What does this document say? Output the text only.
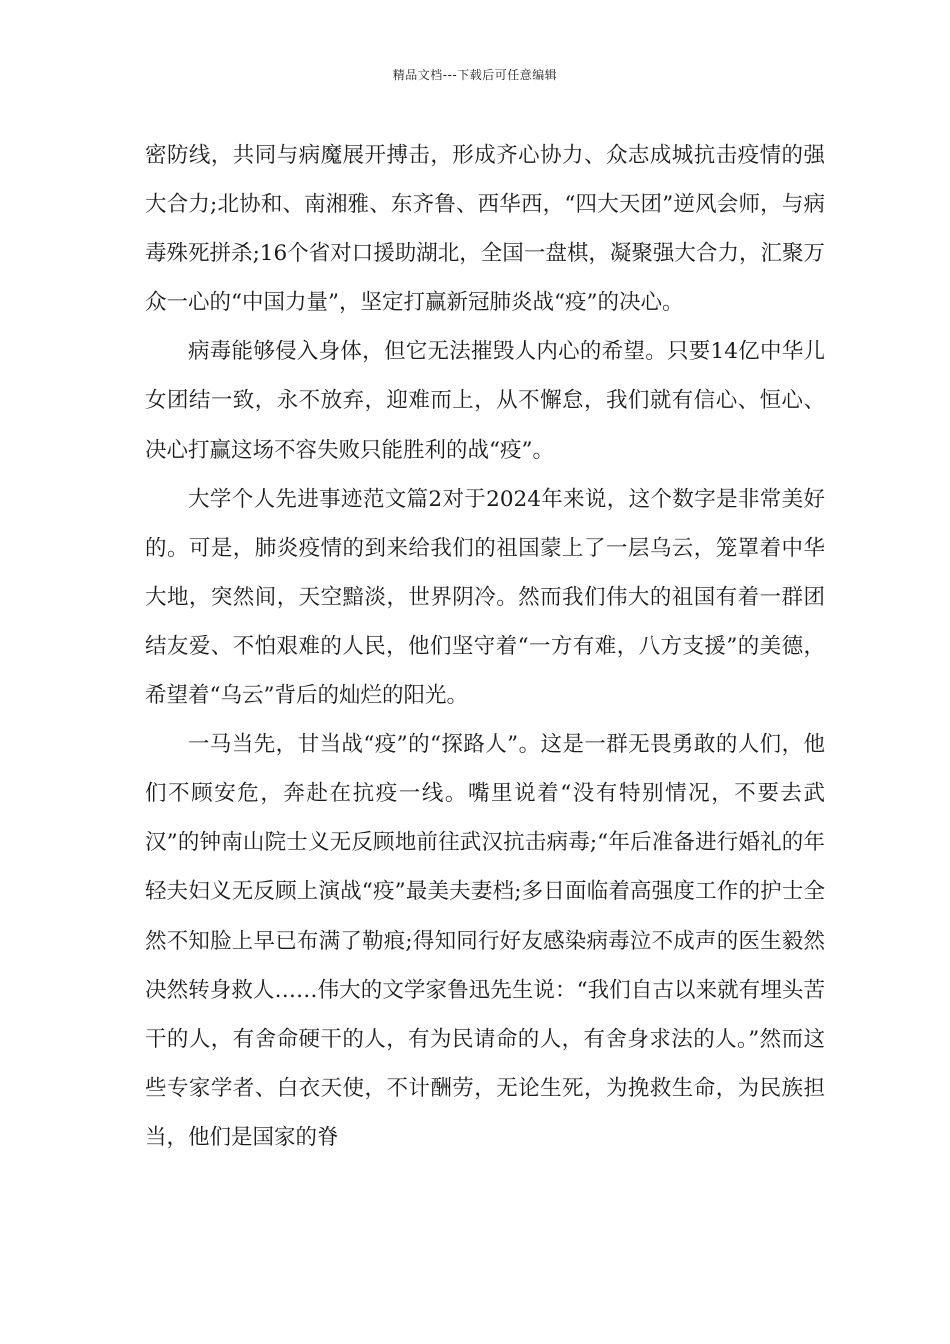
精品文档---下载后可任意编辑

密防线，共同与病魔展开搏击，形成齐心协力、众志成城抗击疫情的强大合力;北协和、南湘雅、东齐鲁、西华西，“四大天团”逆风会师，与病毒殊死拼杀;16个省对口援助湖北，全国一盘棋，凝聚强大合力，汇聚万众一心的“中国力量”，坚定打赢新冠肺炎战“疫”的决心。

病毒能够侵入身体，但它无法摧毁人内心的希望。只要14亿中华儿女团结一致，永不放弃，迎难而上，从不懈怠，我们就有信心、恒心、决心打赢这场不容失败只能胜利的战“疫”。

大学个人先进事迹范文篇2对于2024年来说，这个数字是非常美好的。可是，肺炎疫情的到来给我们的祖国蒙上了一层乌云，笼罩着中华大地，突然间，天空黯淡，世界阴冷。然而我们伟大的祖国有着一群团结友爱、不怕艰难的人民，他们坚守着“一方有难，八方支援”的美德，希望着“乌云”背后的灿烂的阳光。

一马当先，甘当战“疫”的“探路人”。这是一群无畏勇敢的人们，他们不顾安危，奔赴在抗疫一线。嘴里说着“没有特别情况，不要去武汉”的钟南山院士义无反顾地前往武汉抗击病毒;“年后准备进行婚礼的年轻夫妇义无反顾上演战“疫”最美夫妻档;多日面临着高强度工作的护士全然不知脸上早已布满了勒痕;得知同行好友感染病毒泣不成声的医生毅然决然转身救人……伟大的文学家鲁迅先生说：“我们自古以来就有埋头苦干的人，有舍命硬干的人，有为民请命的人，有舍身求法的人。”然而这些专家学者、白衣天使，不计酬劳，无论生死，为挽救生命，为民族担当，他们是国家的脊
